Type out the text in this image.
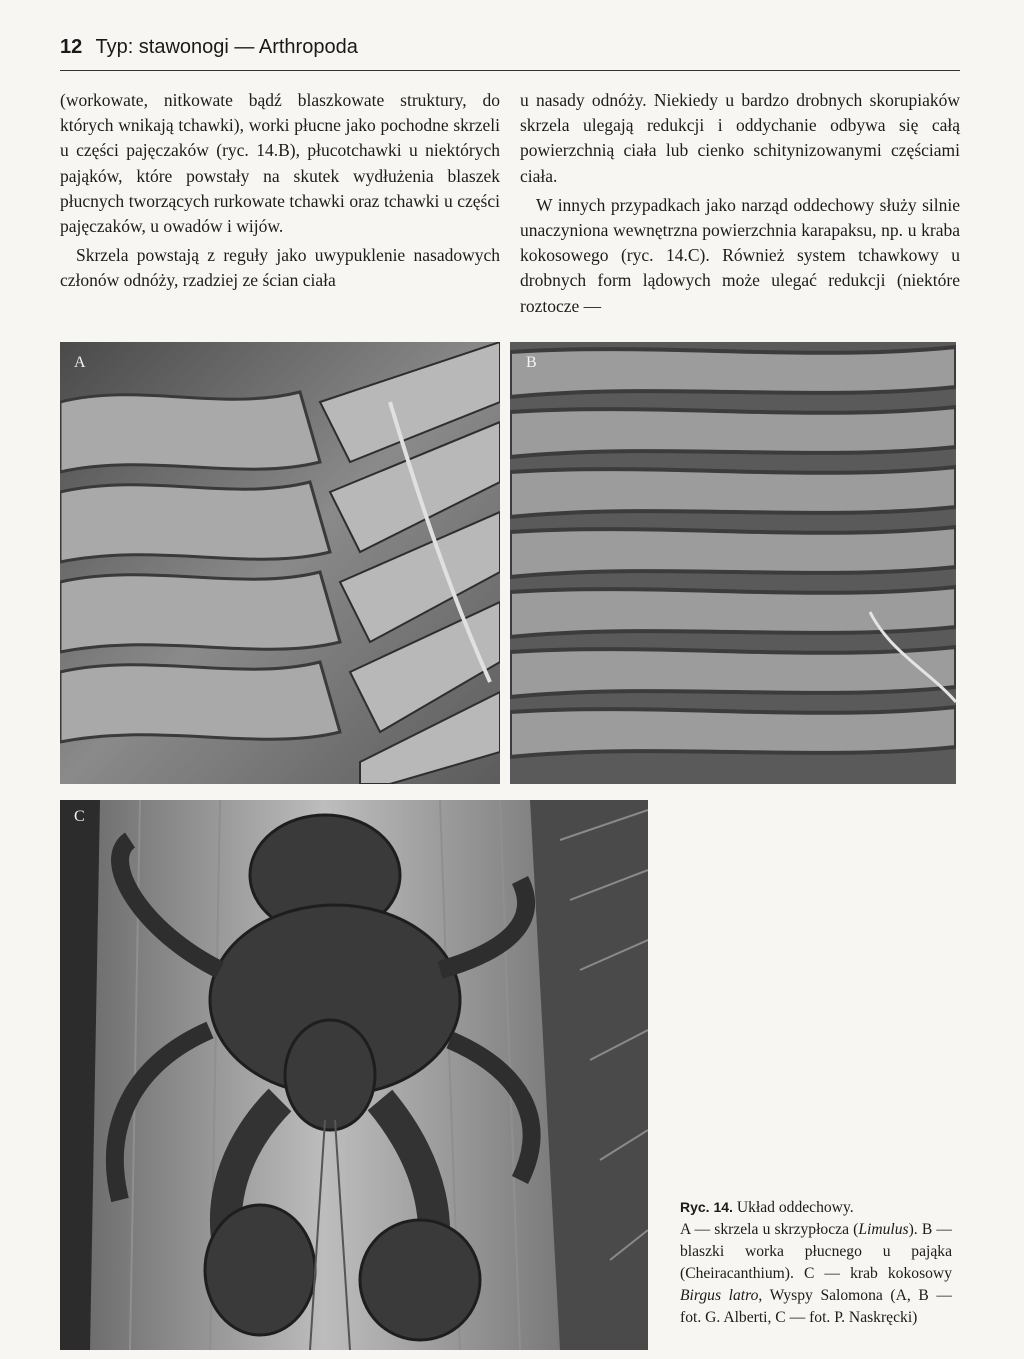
12 Typ: stawonogi — Arthropoda

(workowate, nitkowate bądź blaszkowate struktury, do których wnikają tchawki), worki płucne jako pochodne skrzeli u części pajęczaków (ryc. 14.B), płucotchawki u niektórych pająków, które powstały na skutek wydłużenia blaszek płucnych tworzących rurkowate tchawki oraz tchawki u części pajęczaków, u owadów i wijów.

Skrzela powstają z reguły jako uwypuklenie nasadowych członów odnóży, rzadziej ze ścian ciała

u nasady odnóży. Niekiedy u bardzo drobnych skorupiaków skrzela ulegają redukcji i oddychanie odbywa się całą powierzchnią ciała lub cienko schitynizowanymi częściami ciała.

W innych przypadkach jako narząd oddechowy służy silnie unaczyniona wewnętrzna powierzchnia karapaksu, np. u kraba kokosowego (ryc. 14.C). Również system tchawkowy u drobnych form lądowych może ulegać redukcji (niektóre roztocze —

A	B
C
Ryc. 14. Układ oddechowy.
A — skrzela u skrzypłocza (Limulus). B — blaszki worka płucnego u pająka (Cheiracanthium). C — krab kokosowy Birgus latro, Wyspy Salomona (A, B — fot. G. Alberti, C — fot. P. Naskręcki)
